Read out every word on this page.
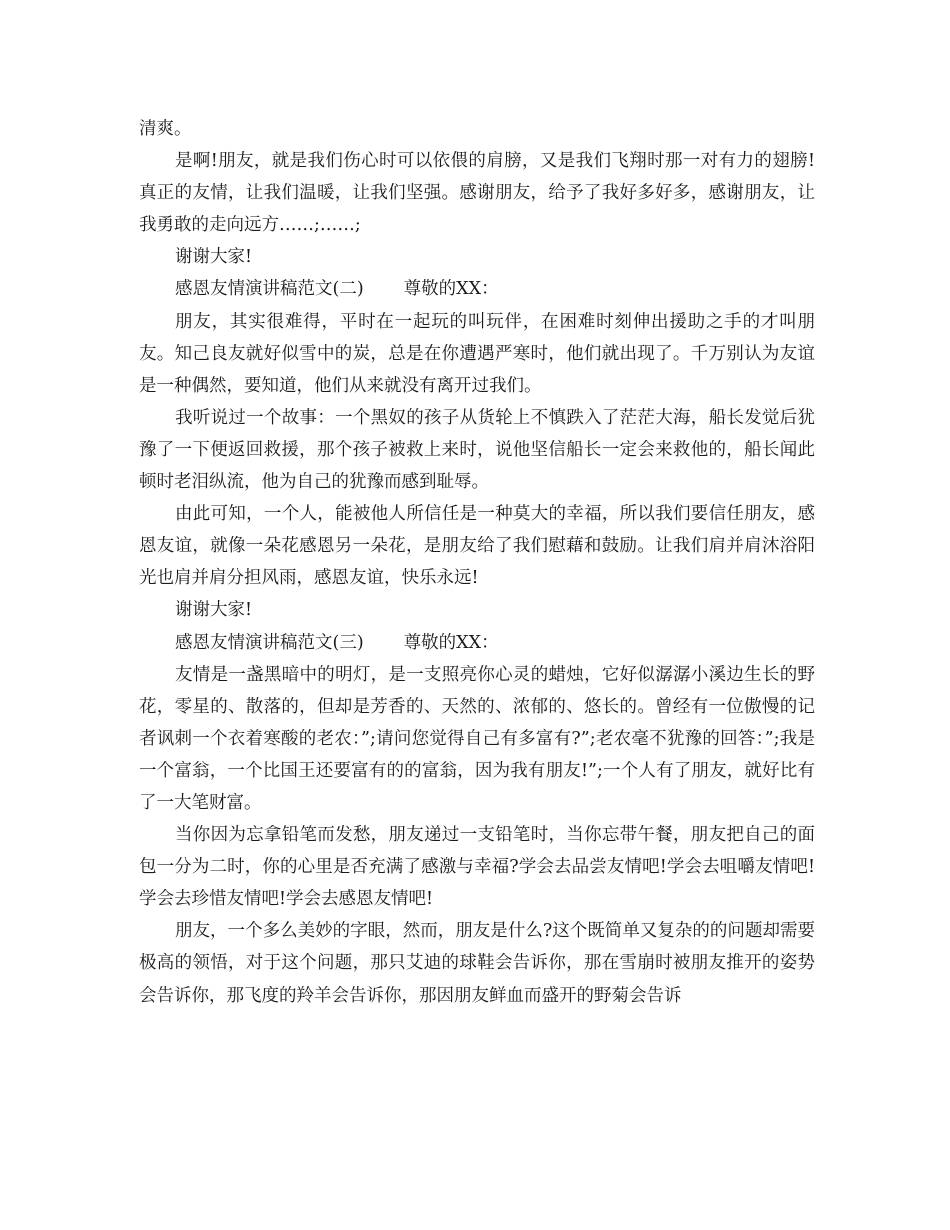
清爽。

是啊!朋友，就是我们伤心时可以依偎的肩膀，又是我们飞翔时那一对有力的翅膀!真正的友情，让我们温暖，让我们坚强。感谢朋友，给予了我好多好多，感谢朋友，让我勇敢的走向远方……;……;

谢谢大家!

感恩友情演讲稿范文(二) 尊敬的XX：

朋友，其实很难得，平时在一起玩的叫玩伴，在困难时刻伸出援助之手的才叫朋友。知己良友就好似雪中的炭，总是在你遭遇严寒时，他们就出现了。千万别认为友谊是一种偶然，要知道，他们从来就没有离开过我们。

我听说过一个故事：一个黑奴的孩子从货轮上不慎跌入了茫茫大海，船长发觉后犹豫了一下便返回救援，那个孩子被救上来时，说他坚信船长一定会来救他的，船长闻此顿时老泪纵流，他为自己的犹豫而感到耻辱。

由此可知，一个人，能被他人所信任是一种莫大的幸福，所以我们要信任朋友，感恩友谊，就像一朵花感恩另一朵花，是朋友给了我们慰藉和鼓励。让我们肩并肩沐浴阳光也肩并肩分担风雨，感恩友谊，快乐永远!

谢谢大家!

感恩友情演讲稿范文(三) 尊敬的XX：

友情是一盏黑暗中的明灯，是一支照亮你心灵的蜡烛，它好似潺潺小溪边生长的野花，零星的、散落的，但却是芳香的、天然的、浓郁的、悠长的。曾经有一位傲慢的记者讽刺一个衣着寒酸的老农：”;请问您觉得自己有多富有?”;老农毫不犹豫的回答：”;我是一个富翁，一个比国王还要富有的的富翁，因为我有朋友!”;一个人有了朋友，就好比有了一大笔财富。

当你因为忘拿铅笔而发愁，朋友递过一支铅笔时，当你忘带午餐，朋友把自己的面包一分为二时，你的心里是否充满了感激与幸福?学会去品尝友情吧!学会去咀嚼友情吧!学会去珍惜友情吧!学会去感恩友情吧!

朋友，一个多么美妙的字眼，然而，朋友是什么?这个既简单又复杂的的问题却需要极高的领悟，对于这个问题，那只艾迪的球鞋会告诉你，那在雪崩时被朋友推开的姿势会告诉你，那飞度的羚羊会告诉你，那因朋友鲜血而盛开的野菊会告诉
